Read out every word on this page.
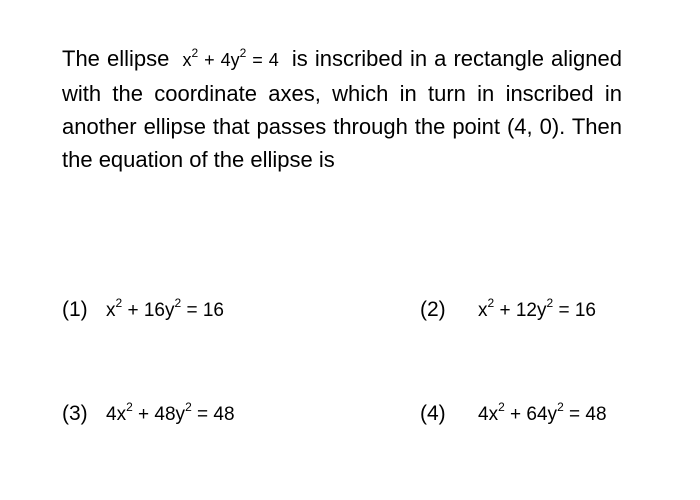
The ellipse $x^2 + 4y^2 = 4$ is inscribed in a rectangle aligned with the coordinate axes, which in turn in inscribed in another ellipse that passes through the point (4, 0). Then the equation of the ellipse is
(1) $x^2 + 16y^2 = 16$	(2) $x^2 + 12y^2 = 16$
(3) $4x^2 + 48y^2 = 48$	(4) $4x^2 + 64y^2 = 48$
